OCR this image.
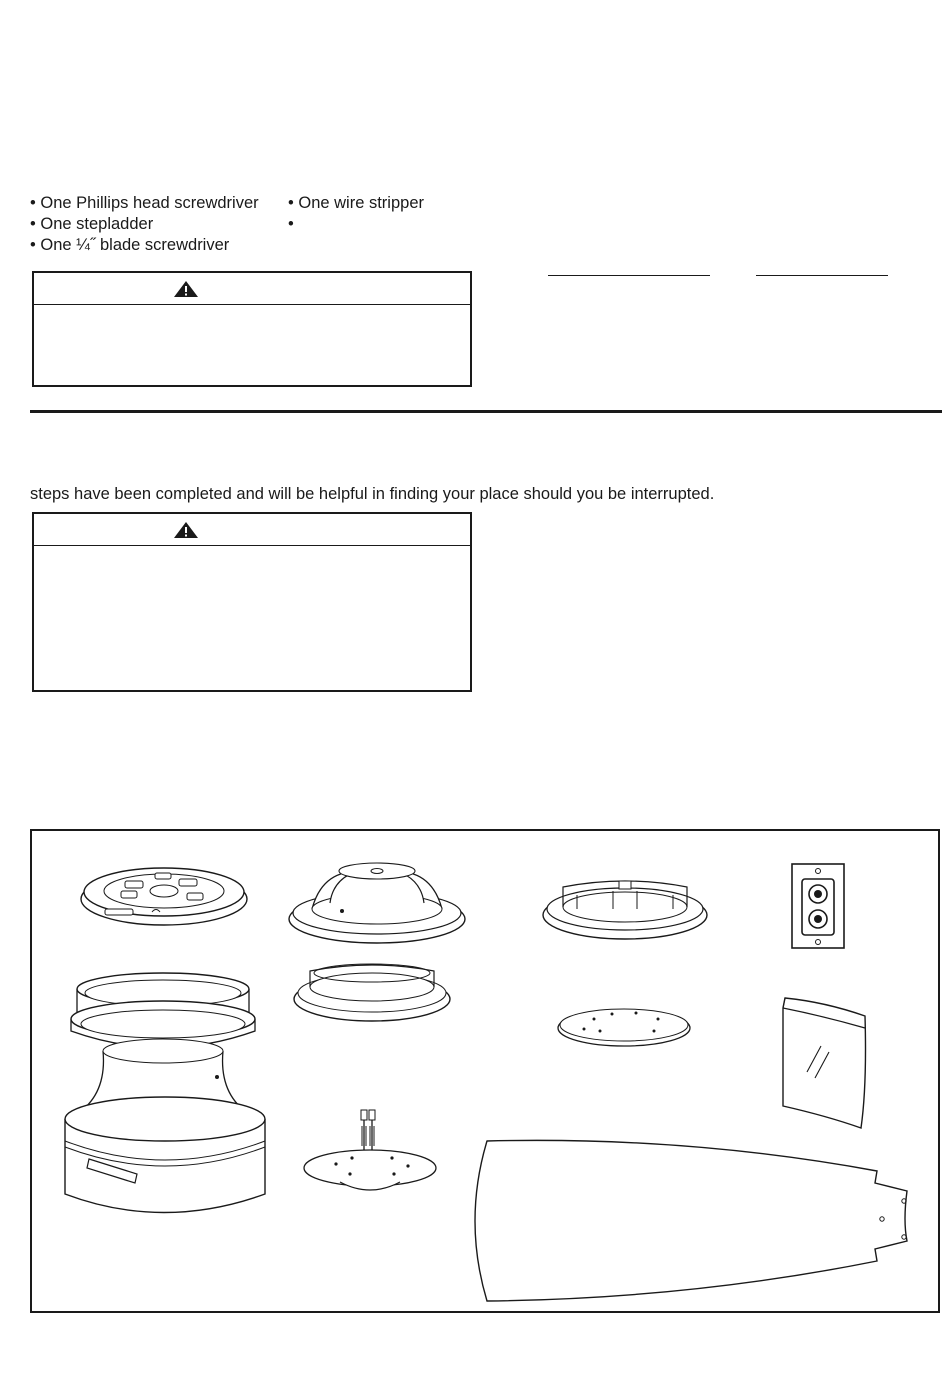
• One Phillips head screwdriver
• One stepladder
• One ¼˝ blade screwdriver
• One wire stripper
•
steps have been completed and will be helpful in finding your place should you be interrupted.
